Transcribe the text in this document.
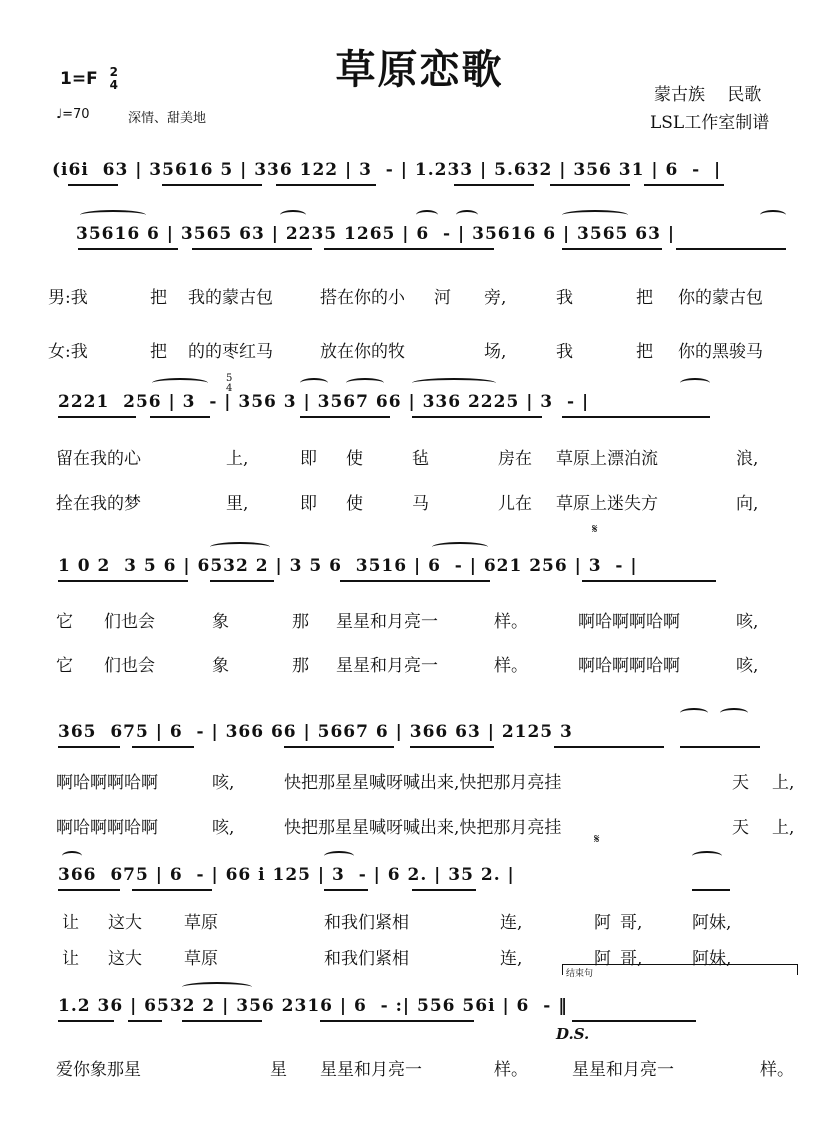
草原恋歌
1=F 2
4
♩=70	深情、甜美地
蒙古族　 民歌
LSL工作室制谱
(i6i  63 | 35616 5 | 336 122 | 3  - | 1.233 | 5.632 | 356 31 | 6  -  |
35616 6 | 3565 63 | 2235 1265 | 6  - | 35616 6 | 3565 63 |
男:我	把 我的蒙古包	搭在你的小 河 旁,	我	把 你的蒙古包
女:我	把 的的枣红马	放在你的牧	场,	我	把 你的黑骏马
2221  256 | 3  - | 356 3 | 3567 66 | 336 2225 | 3  - |
5
4
留在我的心	上,	即 使	毡	房在 草原上漂泊流	浪,
拴在我的梦	里,	即 使	马	儿在 草原上迷失方	向,
𝄋
1 0 2  3 5 6 | 6532 2 | 3 5 6  3516 | 6  - | 621 256 | 3  - |
它 们也会	象	那 星星和月亮一	样。	啊哈啊啊哈啊	咳,
它 们也会	象	那 星星和月亮一	样。	啊哈啊啊哈啊	咳,
365  675 | 6  - | 366 66 | 5667 6 | 366 63 | 2125 3
啊哈啊啊哈啊	咳,	快把那星星喊呀喊出来,快把那月亮挂	天 上,
啊哈啊啊哈啊	咳,	快把那星星喊呀喊出来,快把那月亮挂	天 上,
𝄋
366  675 | 6  - | 66 i 125 | 3  - | 6 2. | 35 2. |
让 这大 草原	和我们紧相	连,	阿 哥,	阿妹,
让 这大 草原	和我们紧相	连,	阿 哥,	阿妹,
结束句
1.2 36 | 6532 2 | 356 2316 | 6  - :| 556 56i | 6  - ‖
D.S.
爱你象那星	星 星星和月亮一	样。	星星和月亮一	样。
